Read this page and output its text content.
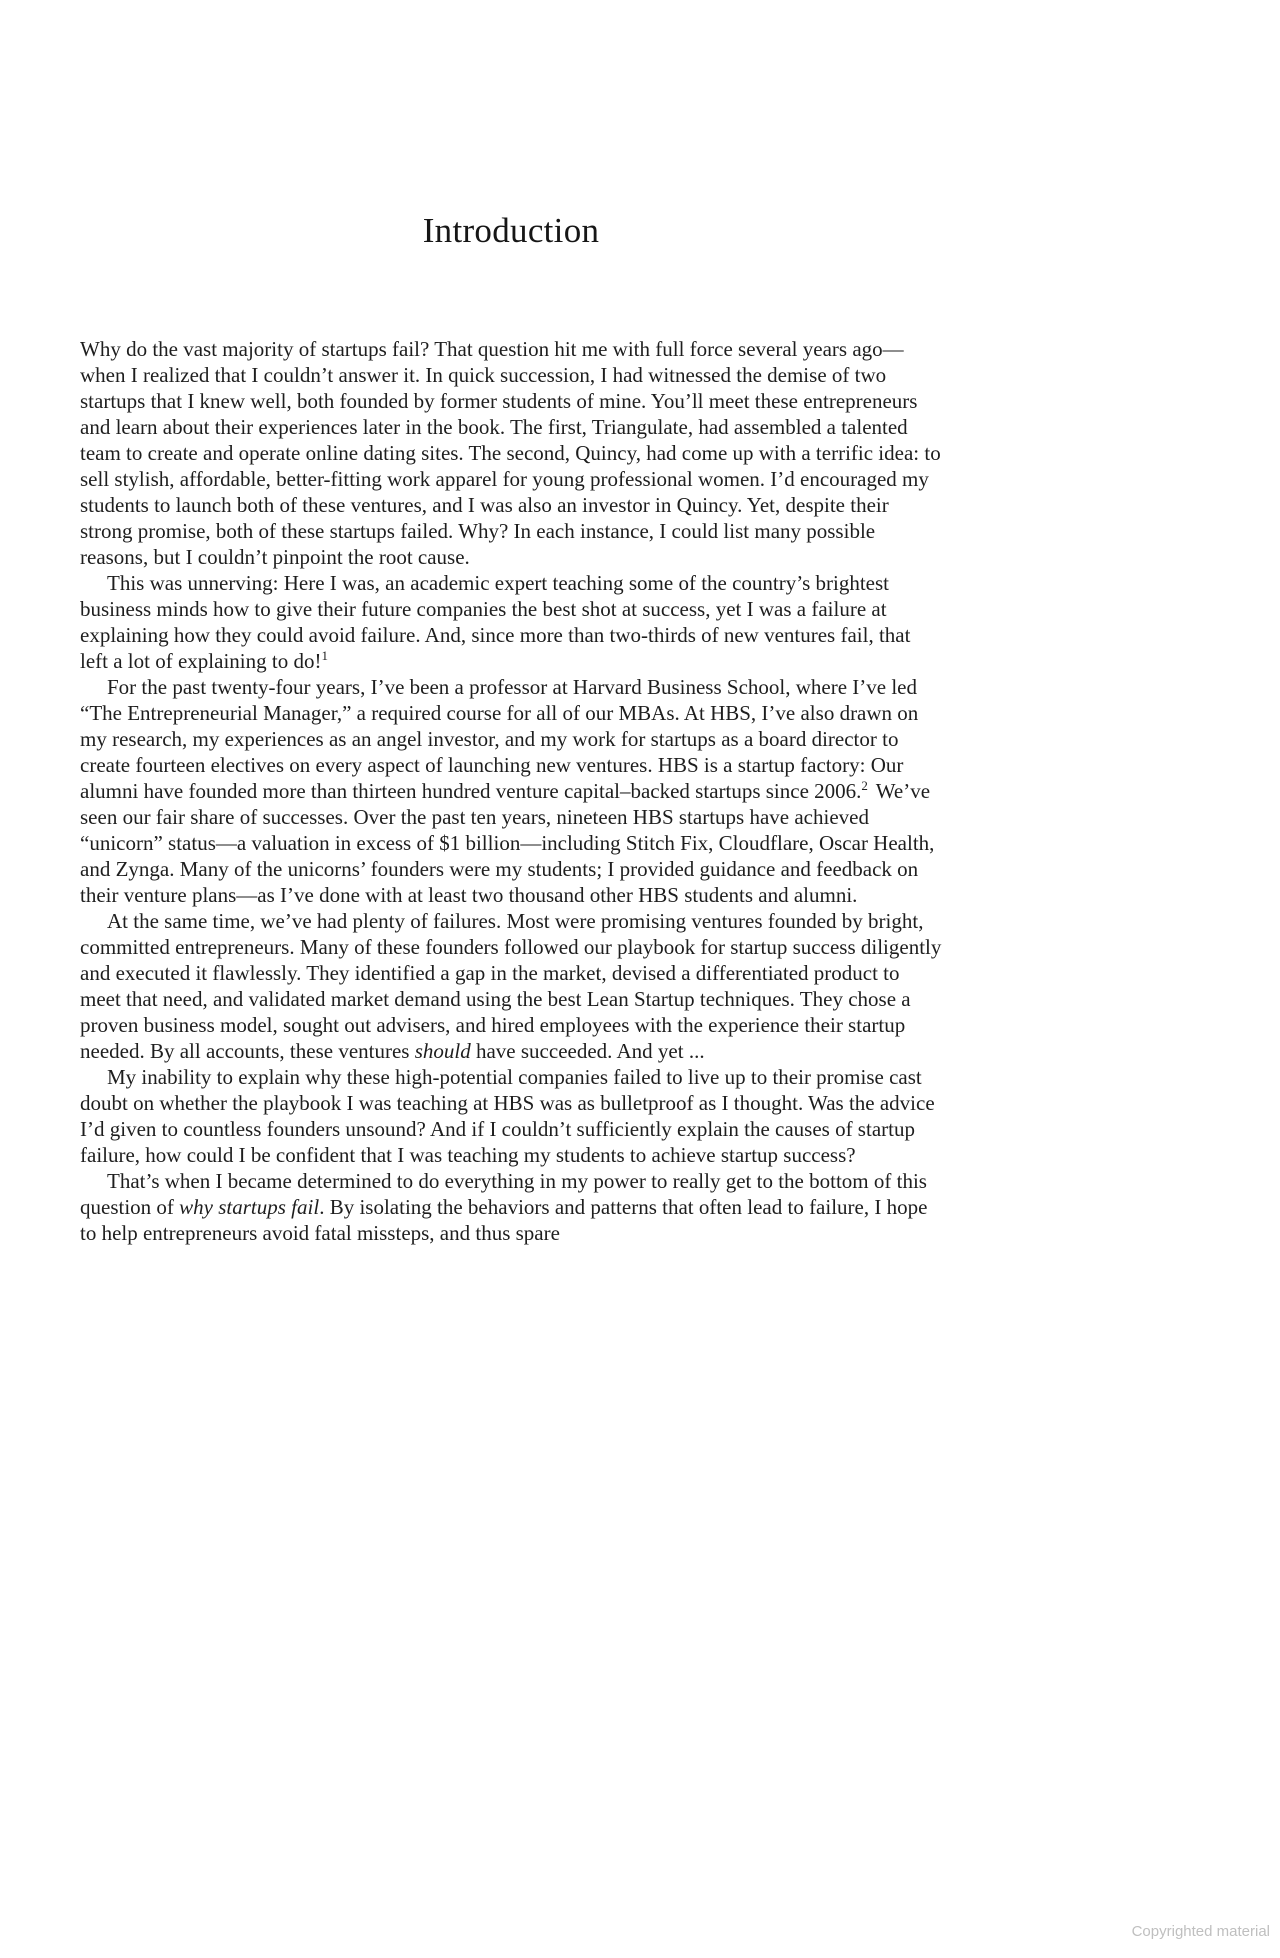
Introduction

Why do the vast majority of startups fail? That question hit me with full force several years ago—when I realized that I couldn’t answer it. In quick succession, I had witnessed the demise of two startups that I knew well, both founded by former students of mine. You’ll meet these entrepreneurs and learn about their experiences later in the book. The first, Triangulate, had assembled a talented team to create and operate online dating sites. The second, Quincy, had come up with a terrific idea: to sell stylish, affordable, better-fitting work apparel for young professional women. I’d encouraged my students to launch both of these ventures, and I was also an investor in Quincy. Yet, despite their strong promise, both of these startups failed. Why? In each instance, I could list many possible reasons, but I couldn’t pinpoint the root cause.

This was unnerving: Here I was, an academic expert teaching some of the country’s brightest business minds how to give their future companies the best shot at success, yet I was a failure at explaining how they could avoid failure. And, since more than two-thirds of new ventures fail, that left a lot of explaining to do!$^1$

For the past twenty-four years, I’ve been a professor at Harvard Business School, where I’ve led “The Entrepreneurial Manager,” a required course for all of our MBAs. At HBS, I’ve also drawn on my research, my experiences as an angel investor, and my work for startups as a board director to create fourteen electives on every aspect of launching new ventures. HBS is a startup factory: Our alumni have founded more than thirteen hundred venture capital–backed startups since 2006.$^2$ We’ve seen our fair share of successes. Over the past ten years, nineteen HBS startups have achieved “unicorn” status—a valuation in excess of $1 billion—including Stitch Fix, Cloudflare, Oscar Health, and Zynga. Many of the unicorns’ founders were my students; I provided guidance and feedback on their venture plans—as I’ve done with at least two thousand other HBS students and alumni.

At the same time, we’ve had plenty of failures. Most were promising ventures founded by bright, committed entrepreneurs. Many of these founders followed our playbook for startup success diligently and executed it flawlessly. They identified a gap in the market, devised a differentiated product to meet that need, and validated market demand using the best Lean Startup techniques. They chose a proven business model, sought out advisers, and hired employees with the experience their startup needed. By all accounts, these ventures should have succeeded. And yet ...

My inability to explain why these high-potential companies failed to live up to their promise cast doubt on whether the playbook I was teaching at HBS was as bulletproof as I thought. Was the advice I’d given to countless founders unsound? And if I couldn’t sufficiently explain the causes of startup failure, how could I be confident that I was teaching my students to achieve startup success?

That’s when I became determined to do everything in my power to really get to the bottom of this question of why startups fail. By isolating the behaviors and patterns that often lead to failure, I hope to help entrepreneurs avoid fatal missteps, and thus spare

Copyrighted material
